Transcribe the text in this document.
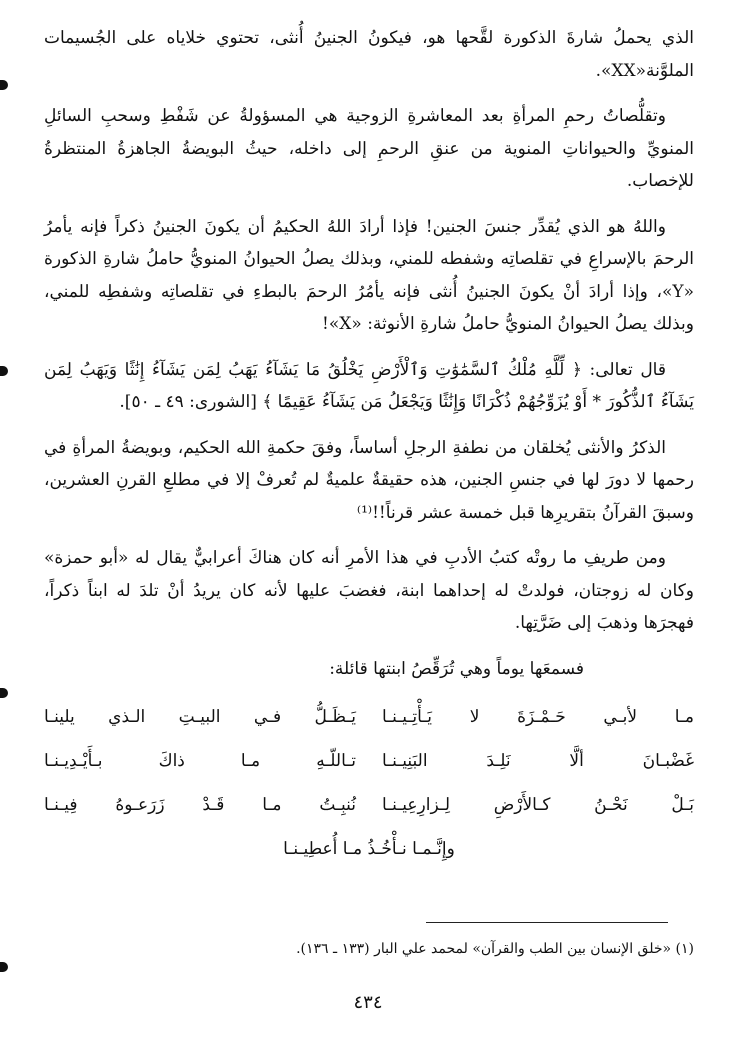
الذي يحملُ شارةَ الذكورة لقَّحها هو، فيكونُ الجنينُ أُنثى، تحتوي خلاياه على الجُسيمات الملوَّنة«XX».

وتقلُّصاتُ رحمِ المرأةِ بعد المعاشرةِ الزوجية هي المسؤولةُ عن شَفْطِ وسحبِ السائلِ المنويِّ والحيواناتِ المنوية من عنقِ الرحمِ إلى داخله، حيثُ البويضةُ الجاهزةُ المنتظرةُ للإخصاب.

واللهُ هو الذي يُقدِّر جنسَ الجنين! فإذا أرادَ اللهُ الحكيمُ أن يكونَ الجنينُ ذكراً فإنه يأمرُ الرحمَ بالإسراعِ في تقلصاتِه وشفطه للمني، وبذلك يصلُ الحيوانُ المنويُّ حاملُ شارةِ الذكورة «Y»، وإذا أرادَ أنْ يكونَ الجنينُ أُنثى فإنه يأمُرُ الرحمَ بالبطءِ في تقلصاتِه وشفطِه للمني، وبذلك يصلُ الحيوانُ المنويُّ حاملُ شارةِ الأنوثة: «X»!

قال تعالى: ﴿ لِّلَّهِ مُلْكُ ٱلسَّمَٰوَٰتِ وَٱلْأَرْضِ يَخْلُقُ مَا يَشَآءُ يَهَبُ لِمَن يَشَآءُ إِنَٰثًا وَيَهَبُ لِمَن يَشَآءُ ٱلذُّكُورَ * أَوْ يُزَوِّجُهُمْ ذُكْرَانًا وَإِنَٰثًا وَيَجْعَلُ مَن يَشَآءُ عَقِيمًا ﴾ [الشورى: ٤٩ ـ ٥٠].

الذكرُ والأنثى يُخلقان من نطفةِ الرجلِ أساساً، وفقَ حكمةِ الله الحكيم، وبويضةُ المرأةِ في رحمها لا دورَ لها في جنسِ الجنين، هذه حقيقةٌ علميةٌ لم تُعرفْ إلا في مطلعِ القرنِ العشرين، وسبقَ القرآنُ بتقريرِها قبل خمسة عشر قرناً!!⁽¹⁾

ومن طريفِ ما روتْه كتبُ الأدبِ في هذا الأمرِ أنه كان هناكَ أعرابيٌّ يقال له «أبو حمزة» وكان له زوجتان، فولدتْ له إحداهما ابنة، فغضبَ عليها لأنه كان يريدُ أنْ تلدَ له ابناً ذكراً، فهجرَها وذهبَ إلى ضَرَّتِها.

فسمعَها يوماً وهي تُرَقِّصُ ابنتها قائلة:

مـا لأبـي حَـمْـزَةَ لا يَـأْتِـيـنـا
يَـظَـلُّ فـي البيـتِ الـذي يلينـا
غَضْبـانَ ألَّا نَلِـدَ البَنِيـنـا
تـاللّـهِ مـا ذاكَ بـأَيْـدِيـنـا
بَـلْ نَحْـنُ كـالأَرْضِ لِـزارِعِيـنـا
نُنبِـتُ مـا قَـدْ زَرَعـوهُ فِيـنـا
وإِنَّـمـا نـأْخُـذُ مـا أُعطِيـنـا
(١) «خلق الإنسان بين الطب والقرآن» لمحمد علي البار (١٣٣ ـ ١٣٦).
٤٣٤
